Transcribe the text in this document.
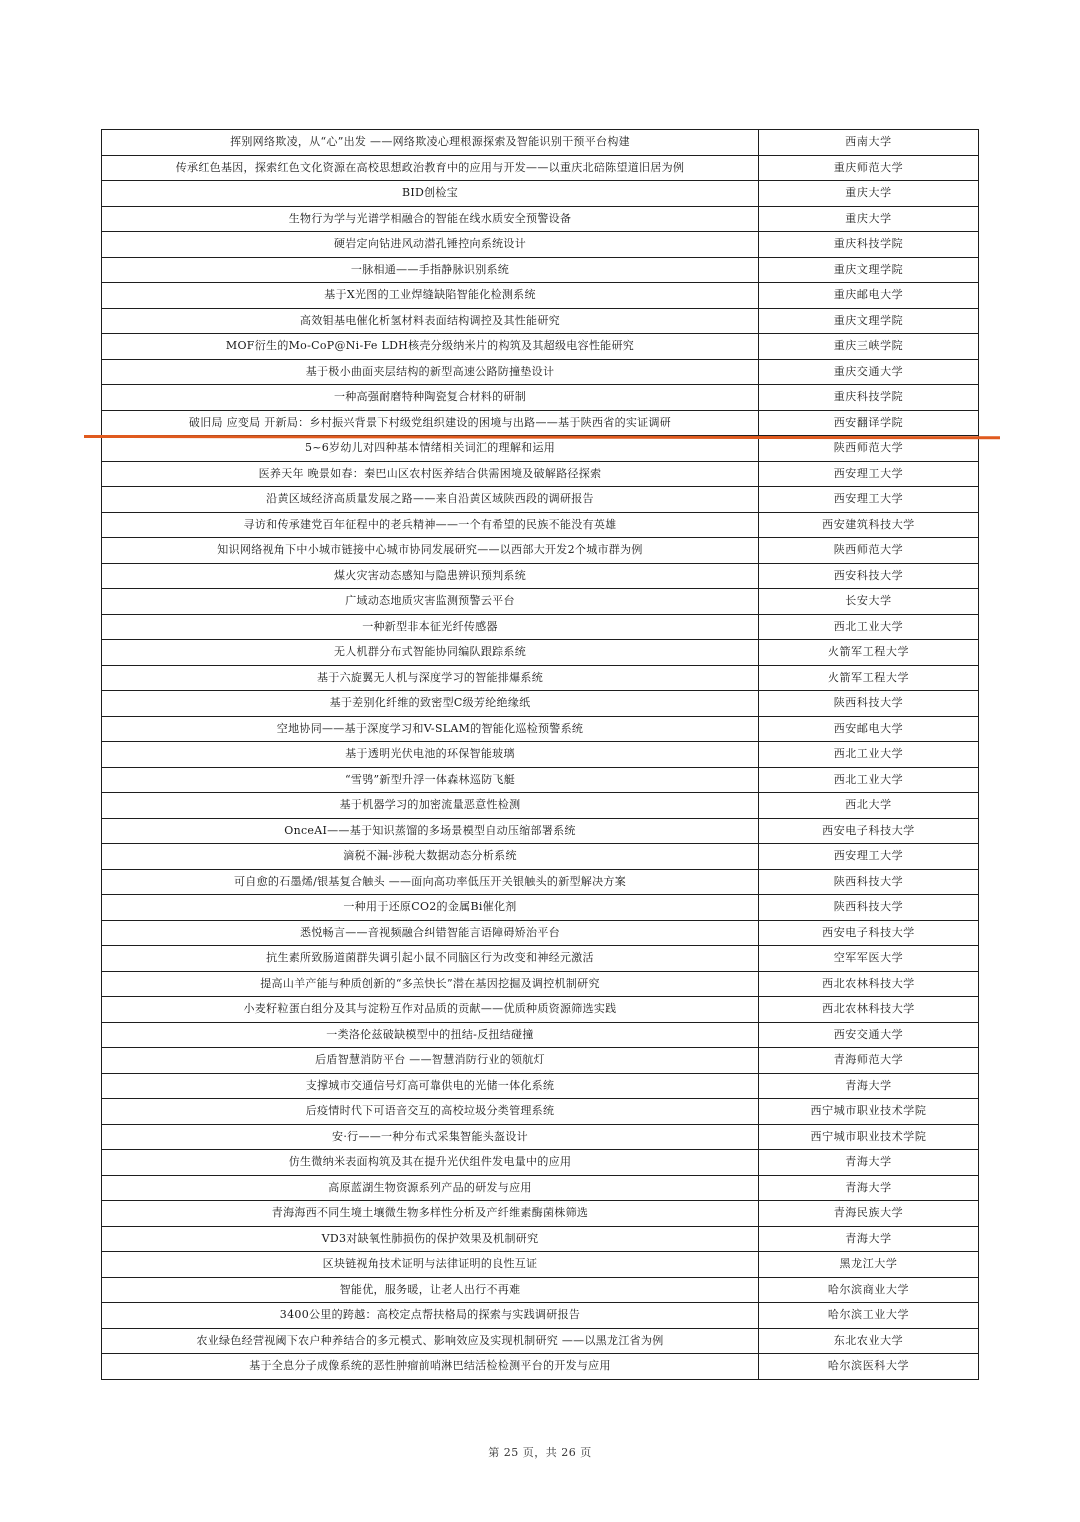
挥别网络欺凌，从“心”出发 ——网络欺凌心理根源探索及智能识别干预平台构建	西南大学
传承红色基因，探索红色文化资源在高校思想政治教育中的应用与开发——以重庆北碚陈望道旧居为例	重庆师范大学
BID创检宝	重庆大学
生物行为学与光谱学相融合的智能在线水质安全预警设备	重庆大学
硬岩定向钻进风动潜孔锤控向系统设计	重庆科技学院
一脉相通——手指静脉识别系统	重庆文理学院
基于X光图的工业焊缝缺陷智能化检测系统	重庆邮电大学
高效钼基电催化析氢材料表面结构调控及其性能研究	重庆文理学院
MOF衍生的Mo-CoP@Ni-Fe LDH核壳分级纳米片的构筑及其超级电容性能研究	重庆三峡学院
基于极小曲面夹层结构的新型高速公路防撞垫设计	重庆交通大学
一种高强耐磨特种陶瓷复合材料的研制	重庆科技学院
破旧局 应变局 开新局：乡村振兴背景下村级党组织建设的困境与出路——基于陕西省的实证调研	西安翻译学院
5~6岁幼儿对四种基本情绪相关词汇的理解和运用	陕西师范大学
医养天年 晚景如春：秦巴山区农村医养结合供需困境及破解路径探索	西安理工大学
沿黄区域经济高质量发展之路——来自沿黄区域陕西段的调研报告	西安理工大学
寻访和传承建党百年征程中的老兵精神——一个有希望的民族不能没有英雄	西安建筑科技大学
知识网络视角下中小城市链接中心城市协同发展研究——以西部大开发2个城市群为例	陕西师范大学
煤火灾害动态感知与隐患辨识预判系统	西安科技大学
广域动态地质灾害监测预警云平台	长安大学
一种新型非本征光纤传感器	西北工业大学
无人机群分布式智能协同编队跟踪系统	火箭军工程大学
基于六旋翼无人机与深度学习的智能排爆系统	火箭军工程大学
基于差别化纤维的致密型C级芳纶绝缘纸	陕西科技大学
空地协同——基于深度学习和V-SLAM的智能化巡检预警系统	西安邮电大学
基于透明光伏电池的环保智能玻璃	西北工业大学
“雪鸮”新型升浮一体森林巡防飞艇	西北工业大学
基于机器学习的加密流量恶意性检测	西北大学
OnceAI——基于知识蒸馏的多场景模型自动压缩部署系统	西安电子科技大学
滴税不漏-涉税大数据动态分析系统	西安理工大学
可自愈的石墨烯/银基复合触头 ——面向高功率低压开关银触头的新型解决方案	陕西科技大学
一种用于还原CO2的金属Bi催化剂	陕西科技大学
悉悦畅言——音视频融合纠错智能言语障碍矫治平台	西安电子科技大学
抗生素所致肠道菌群失调引起小鼠不同脑区行为改变和神经元激活	空军军医大学
提高山羊产能与种质创新的“多羔快长”潜在基因挖掘及调控机制研究	西北农林科技大学
小麦籽粒蛋白组分及其与淀粉互作对品质的贡献——优质种质资源筛选实践	西北农林科技大学
一类洛伦兹破缺模型中的扭结-反扭结碰撞	西安交通大学
后盾智慧消防平台 ——智慧消防行业的领航灯	青海师范大学
支撑城市交通信号灯高可靠供电的光储一体化系统	青海大学
后疫情时代下可语音交互的高校垃圾分类管理系统	西宁城市职业技术学院
安·行——一种分布式采集智能头盔设计	西宁城市职业技术学院
仿生微纳米表面构筑及其在提升光伏组件发电量中的应用	青海大学
高原蓝湖生物资源系列产品的研发与应用	青海大学
青海海西不同生境土壤微生物多样性分析及产纤维素酶菌株筛选	青海民族大学
VD3对缺氧性肺损伤的保护效果及机制研究	青海大学
区块链视角技术证明与法律证明的良性互证	黑龙江大学
智能优，服务暖，让老人出行不再难	哈尔滨商业大学
3400公里的跨越：高校定点帮扶格局的探索与实践调研报告	哈尔滨工业大学
农业绿色经营视阈下农户种养结合的多元模式、影响效应及实现机制研究 ——以黑龙江省为例	东北农业大学
基于全息分子成像系统的恶性肿瘤前哨淋巴结活检检测平台的开发与应用	哈尔滨医科大学
第 25 页，共 26 页
